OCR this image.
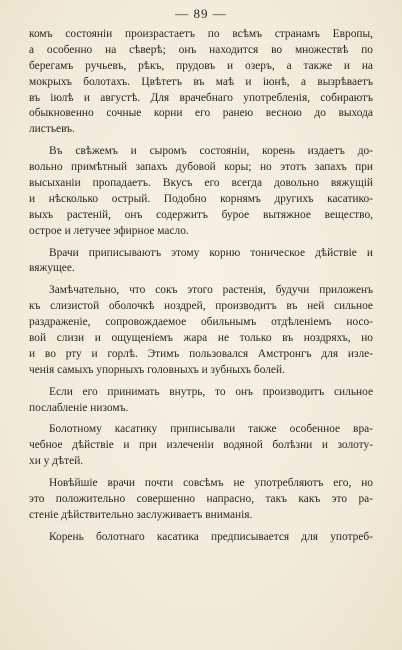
— 89 —
комъ состоянiи произрастаетъ по всѣмъ странамъ Европы,
а особенно на сѣверѣ; онъ находится во множествѣ по
берегамъ ручьевъ, рѣкъ, прудовъ и озеръ, а также и на
мокрыхъ болотахъ. Цвѣтетъ въ маѣ и iюнѣ, а вызрѣваетъ
въ iюлѣ и августѣ. Для врачебнаго употребленiя, собираютъ
обыкновенно сочные корни его ранею весною до выхода
листьевъ.
Въ свѣжемъ и сыромъ состоянiи, корень издаетъ до-
вольно примѣтный запахъ дубовой коры; но этотъ запахъ при
высыханiи пропадаетъ. Вкусъ его всегда довольно вяжущiй
и нѣсколько острый. Подобно корнямъ другихъ касатико-
выхъ растенiй, онъ содержитъ бурое вытяжное вещество,
острое и летучее эфирное масло.
Врачи приписываютъ этому корню тоническое дѣйствiе и
вяжущее.
Замѣчательно, что сокъ этого растенiя, будучи приложенъ
къ слизистой оболочкѣ ноздрей, производитъ въ ней сильное
раздраженiе, сопровождаемое обильнымъ отдѣленiемъ носо-
вой слизи и ощущенiемъ жара не только въ ноздряхъ, но
и во рту и горлѣ. Этимъ пользовался Амстронгъ для изле-
ченiя самыхъ упорныхъ головныхъ и зубныхъ болей.
Если его принимать внутрь, то онъ производитъ сильное
послабленiе низомъ.
Болотному касатику приписывали также особенное вра-
чебное дѣйствiе и при излеченiи водяной болѣзни и золоту-
хи у дѣтей.
Новѣйшiе врачи почти совсѣмъ не употребляютъ его, но
это положительно совершенно напрасно, такъ какъ это ра-
стенiе дѣйствительно заслуживаетъ вниманiя.
Корень болотнаго касатика предписывается для употреб-
